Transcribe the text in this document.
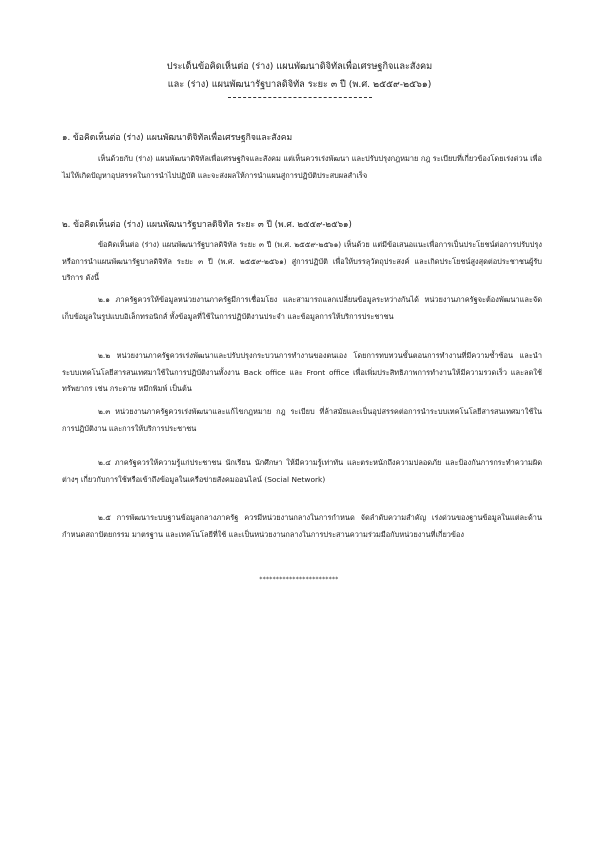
ประเด็นข้อคิดเห็นต่อ (ร่าง) แผนพัฒนาดิจิทัลเพื่อเศรษฐกิจและสังคม
และ (ร่าง) แผนพัฒนารัฐบาลดิจิทัล ระยะ ๓ ปี (พ.ศ. ๒๕๕๙-๒๕๖๑)
๑. ข้อคิดเห็นต่อ (ร่าง) แผนพัฒนาดิจิทัลเพื่อเศรษฐกิจและสังคม
เห็นด้วยกับ (ร่าง) แผนพัฒนาดิจิทัลเพื่อเศรษฐกิจและสังคม แต่เห็นควรเร่งพัฒนา และปรับปรุงกฎหมาย กฎ ระเบียบที่เกี่ยวข้องโดยเร่งด่วน เพื่อไม่ให้เกิดปัญหาอุปสรรคในการนำไปปฏิบัติ และจะส่งผลให้การนำแผนสู่การปฏิบัติประสบผลสำเร็จ
๒. ข้อคิดเห็นต่อ (ร่าง) แผนพัฒนารัฐบาลดิจิทัล ระยะ ๓ ปี (พ.ศ. ๒๕๕๙-๒๕๖๑)
ข้อคิดเห็นต่อ (ร่าง) แผนพัฒนารัฐบาลดิจิทัล ระยะ ๓ ปี (พ.ศ. ๒๕๕๙-๒๕๖๑) เห็นด้วย แต่มีข้อเสนอแนะเพื่อการเป็นประโยชน์ต่อการปรับปรุง หรือการนำแผนพัฒนารัฐบาลดิจิทัล ระยะ ๓ ปี (พ.ศ. ๒๕๕๙-๒๕๖๑) สู่การปฏิบัติ เพื่อให้บรรลุวัตถุประสงค์ และเกิดประโยชน์สูงสุดต่อประชาชนผู้รับบริการ ดังนี้
๒.๑ ภาครัฐควรให้ข้อมูลหน่วยงานภาครัฐมีการเชื่อมโยง และสามารถแลกเปลี่ยนข้อมูลระหว่างกันได้ หน่วยงานภาครัฐจะต้องพัฒนาและจัดเก็บข้อมูลในรูปแบบอิเล็กทรอนิกส์ ทั้งข้อมูลที่ใช้ในการปฏิบัติงานประจำ และข้อมูลการให้บริการประชาชน
๒.๒ หน่วยงานภาครัฐควรเร่งพัฒนาและปรับปรุงกระบวนการทำงานของตนเอง โดยการทบทวนขั้นตอนการทำงานที่มีความซ้ำซ้อน และนำระบบเทคโนโลยีสารสนเทศมาใช้ในการปฏิบัติงานทั้งงาน Back office และ Front office เพื่อเพิ่มประสิทธิภาพการทำงานให้มีความรวดเร็ว และลดใช้ทรัพยากร เช่น กระดาษ หมึกพิมพ์ เป็นต้น
๒.๓ หน่วยงานภาครัฐควรเร่งพัฒนาและแก้ไขกฎหมาย กฎ ระเบียบ ที่ล้าสมัยและเป็นอุปสรรคต่อการนำระบบเทคโนโลยีสารสนเทศมาใช้ในการปฏิบัติงาน และการให้บริการประชาชน
๒.๔ ภาครัฐควรให้ความรู้แก่ประชาชน นักเรียน นักศึกษา ให้มีความรู้เท่าทัน และตระหนักถึงความปลอดภัย และป้องกันการกระทำความผิดต่างๆ เกี่ยวกับการใช้หรือเข้าถึงข้อมูลในเครือข่ายสังคมออนไลน์ (Social Network)
๒.๕ การพัฒนาระบบฐานข้อมูลกลางภาครัฐ ควรมีหน่วยงานกลางในการกำหนด จัดลำดับความสำคัญ เร่งด่วนของฐานข้อมูลในแต่ละด้าน กำหนดสถาปัตยกรรม มาตรฐาน และเทคโนโลยีที่ใช้ และเป็นหน่วยงานกลางในการประสานความร่วมมือกับหน่วยงานที่เกี่ยวข้อง
************************
